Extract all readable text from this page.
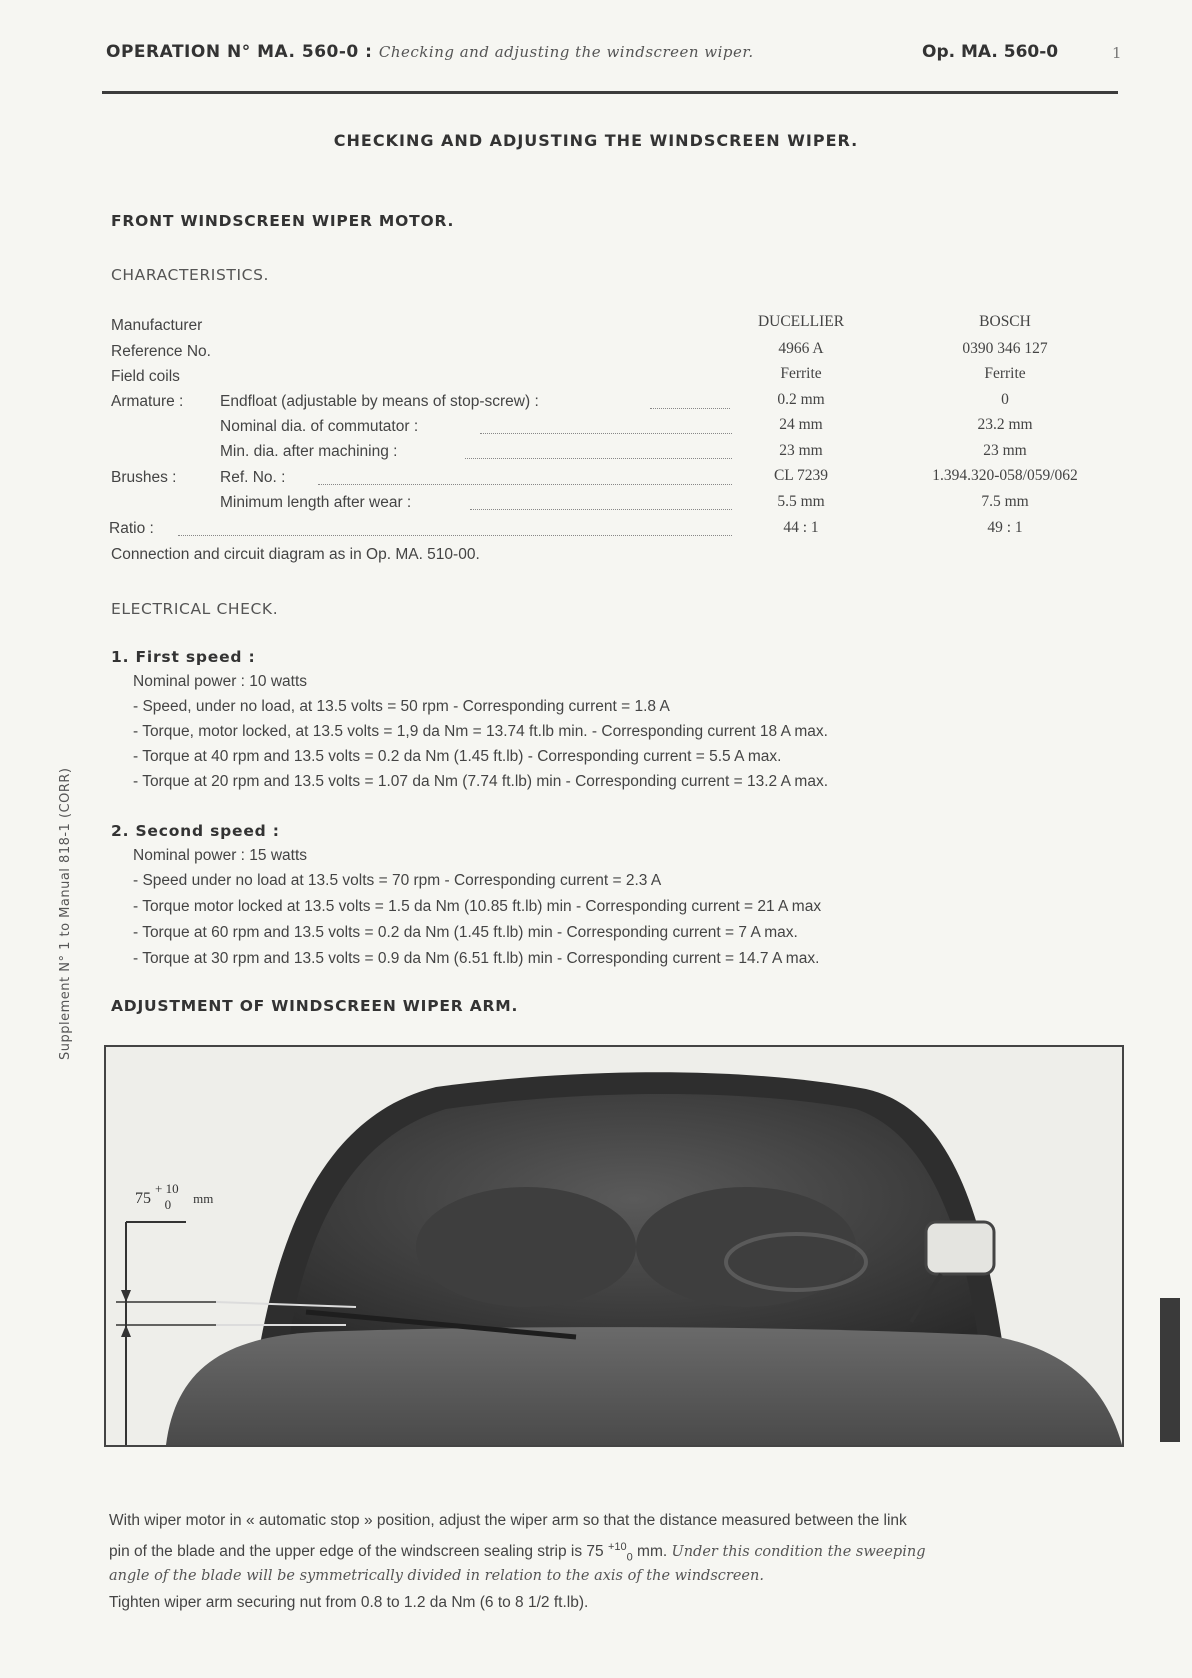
OPERATION N° MA. 560-0 : Checking and adjusting the windscreen wiper.	Op. MA. 560-0	1
CHECKING AND ADJUSTING THE WINDSCREEN WIPER.
FRONT WINDSCREEN WIPER MOTOR.
CHARACTERISTICS.
Manufacturer	DUCELLIER	BOSCH
Reference No.	4966 A	0390 346 127
Field coils	Ferrite	Ferrite
Armature : Endfloat (adjustable by means of stop-screw) :	0.2 mm	0
Nominal dia. of commutator :	24 mm	23.2 mm
Min. dia. after machining :	23 mm	23 mm
Brushes :	Ref. No. :	CL 7239	1.394.320-058/059/062
Minimum length after wear :	5.5 mm	7.5 mm
Ratio :	44 : 1	49 : 1
Connection and circuit diagram as in Op. MA. 510-00.
ELECTRICAL CHECK.
1. First speed :
Nominal power : 10 watts
- Speed, under no load, at 13.5 volts = 50 rpm - Corresponding current = 1.8 A
- Torque, motor locked, at 13.5 volts = 1,9 da Nm = 13.74 ft.lb min. - Corresponding current 18 A max.
- Torque at 40 rpm and 13.5 volts = 0.2 da Nm (1.45 ft.lb) - Corresponding current = 5.5 A max.
- Torque at 20 rpm and 13.5 volts = 1.07 da Nm (7.74 ft.lb) min - Corresponding current = 13.2 A max.
2. Second speed :
Nominal power : 15 watts
- Speed under no load at 13.5 volts = 70 rpm - Corresponding current = 2.3 A
- Torque motor locked at 13.5 volts = 1.5 da Nm (10.85 ft.lb) min - Corresponding current = 21 A max
- Torque at 60 rpm and 13.5 volts = 0.2 da Nm (1.45 ft.lb) min - Corresponding current = 7 A max.
- Torque at 30 rpm and 13.5 volts = 0.9 da Nm (6.51 ft.lb) min - Corresponding current = 14.7 A max.
ADJUSTMENT OF WINDSCREEN WIPER ARM.
75 $^{+ 10}$ $_0$ mm
With wiper motor in « automatic stop » position, adjust the wiper arm so that the distance measured between the link
pin of the blade and the upper edge of the windscreen sealing strip is 75 $^{+10}_0$ mm. Under this condition the sweeping
angle of the blade will be symmetrically divided in relation to the axis of the windscreen.
Tighten wiper arm securing nut from 0.8 to 1.2 da Nm (6 to 8 1/2 ft.lb).
Supplement N° 1 to Manual 818-1 (CORR)
